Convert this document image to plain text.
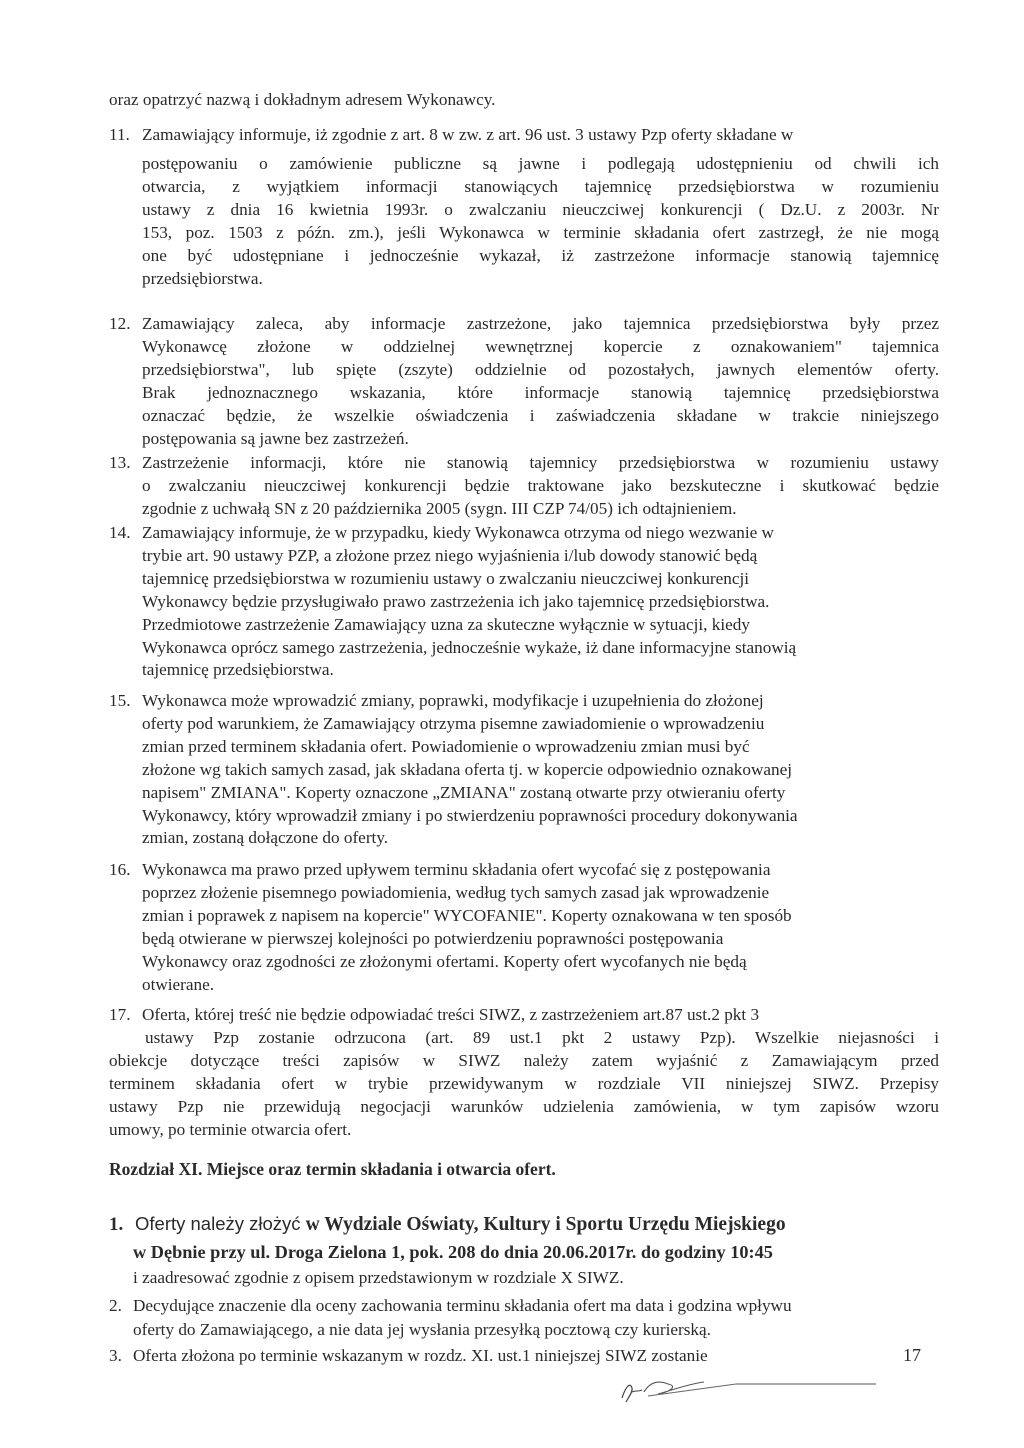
oraz opatrzyć nazwą i dokładnym adresem Wykonawcy.
11. Zamawiający informuje, iż zgodnie z art. 8 w zw. z art. 96 ust. 3 ustawy Pzp oferty składane w
postępowaniu o zamówienie publiczne są jawne i podlegają udostępnieniu od chwili ich
otwarcia, z wyjątkiem informacji stanowiących tajemnicę przedsiębiorstwa w rozumieniu
ustawy z dnia 16 kwietnia 1993r. o zwalczaniu nieuczciwej konkurencji ( Dz.U. z 2003r. Nr
153, poz. 1503 z późn. zm.), jeśli Wykonawca w terminie składania ofert zastrzegł, że nie mogą
one być udostępniane i jednocześnie wykazał, iż zastrzeżone informacje stanowią tajemnicę
przedsiębiorstwa.
12. Zamawiający zaleca, aby informacje zastrzeżone, jako tajemnica przedsiębiorstwa były przez
Wykonawcę złożone w oddzielnej wewnętrznej kopercie z oznakowaniem" tajemnica
przedsiębiorstwa", lub spięte (zszyte) oddzielnie od pozostałych, jawnych elementów oferty.
Brak jednoznacznego wskazania, które informacje stanowią tajemnicę przedsiębiorstwa
oznaczać będzie, że wszelkie oświadczenia i zaświadczenia składane w trakcie niniejszego
postępowania są jawne bez zastrzeżeń.
13. Zastrzeżenie informacji, które nie stanowią tajemnicy przedsiębiorstwa w rozumieniu ustawy
o zwalczaniu nieuczciwej konkurencji będzie traktowane jako bezskuteczne i skutkować będzie
zgodnie z uchwałą SN z 20 października 2005 (sygn. III CZP 74/05) ich odtajnieniem.
14. Zamawiający informuje, że w przypadku, kiedy Wykonawca otrzyma od niego wezwanie w
trybie art. 90 ustawy PZP, a złożone przez niego wyjaśnienia i/lub dowody stanowić będą
tajemnicę przedsiębiorstwa w rozumieniu ustawy o zwalczaniu nieuczciwej konkurencji
Wykonawcy będzie przysługiwało prawo zastrzeżenia ich jako tajemnicę przedsiębiorstwa.
Przedmiotowe zastrzeżenie Zamawiający uzna za skuteczne wyłącznie w sytuacji, kiedy
Wykonawca oprócz samego zastrzeżenia, jednocześnie wykaże, iż dane informacyjne stanowią
tajemnicę przedsiębiorstwa.
15. Wykonawca może wprowadzić zmiany, poprawki, modyfikacje i uzupełnienia do złożonej
oferty pod warunkiem, że Zamawiający otrzyma pisemne zawiadomienie o wprowadzeniu
zmian przed terminem składania ofert. Powiadomienie o wprowadzeniu zmian musi być
złożone wg takich samych zasad, jak składana oferta tj. w kopercie odpowiednio oznakowanej
napisem" ZMIANA". Koperty oznaczone „ZMIANA" zostaną otwarte przy otwieraniu oferty
Wykonawcy, który wprowadził zmiany i po stwierdzeniu poprawności procedury dokonywania
zmian, zostaną dołączone do oferty.
16. Wykonawca ma prawo przed upływem terminu składania ofert wycofać się z postępowania
poprzez złożenie pisemnego powiadomienia, według tych samych zasad jak wprowadzenie
zmian i poprawek z napisem na kopercie" WYCOFANIE". Koperty oznakowana w ten sposób
będą otwierane w pierwszej kolejności po potwierdzeniu poprawności postępowania
Wykonawcy oraz zgodności ze złożonymi ofertami. Koperty ofert wycofanych nie będą
otwierane.
17. Oferta, której treść nie będzie odpowiadać treści SIWZ, z zastrzeżeniem art.87 ust.2 pkt 3
ustawy Pzp zostanie odrzucona (art. 89 ust.1 pkt 2 ustawy Pzp). Wszelkie niejasności i
obiekcje dotyczące treści zapisów w SIWZ należy zatem wyjaśnić z Zamawiającym przed
terminem składania ofert w trybie przewidywanym w rozdziale VII niniejszej SIWZ. Przepisy
ustawy Pzp nie przewidują negocjacji warunków udzielenia zamówienia, w tym zapisów wzoru
umowy, po terminie otwarcia ofert.
Rozdział XI. Miejsce oraz termin składania i otwarcia ofert.
1. Oferty należy złożyć w Wydziale Oświaty, Kultury i Sportu Urzędu Miejskiego
w Dębnie przy ul. Droga Zielona 1, pok. 208 do dnia 20.06.2017r. do godziny 10:45
i zaadresować zgodnie z opisem przedstawionym w rozdziale X SIWZ.
2. Decydujące znaczenie dla oceny zachowania terminu składania ofert ma data i godzina wpływu
oferty do Zamawiającego, a nie data jej wysłania przesyłką pocztową czy kurierską.
3. Oferta złożona po terminie wskazanym w rozdz. XI. ust.1 niniejszej SIWZ zostanie	17
